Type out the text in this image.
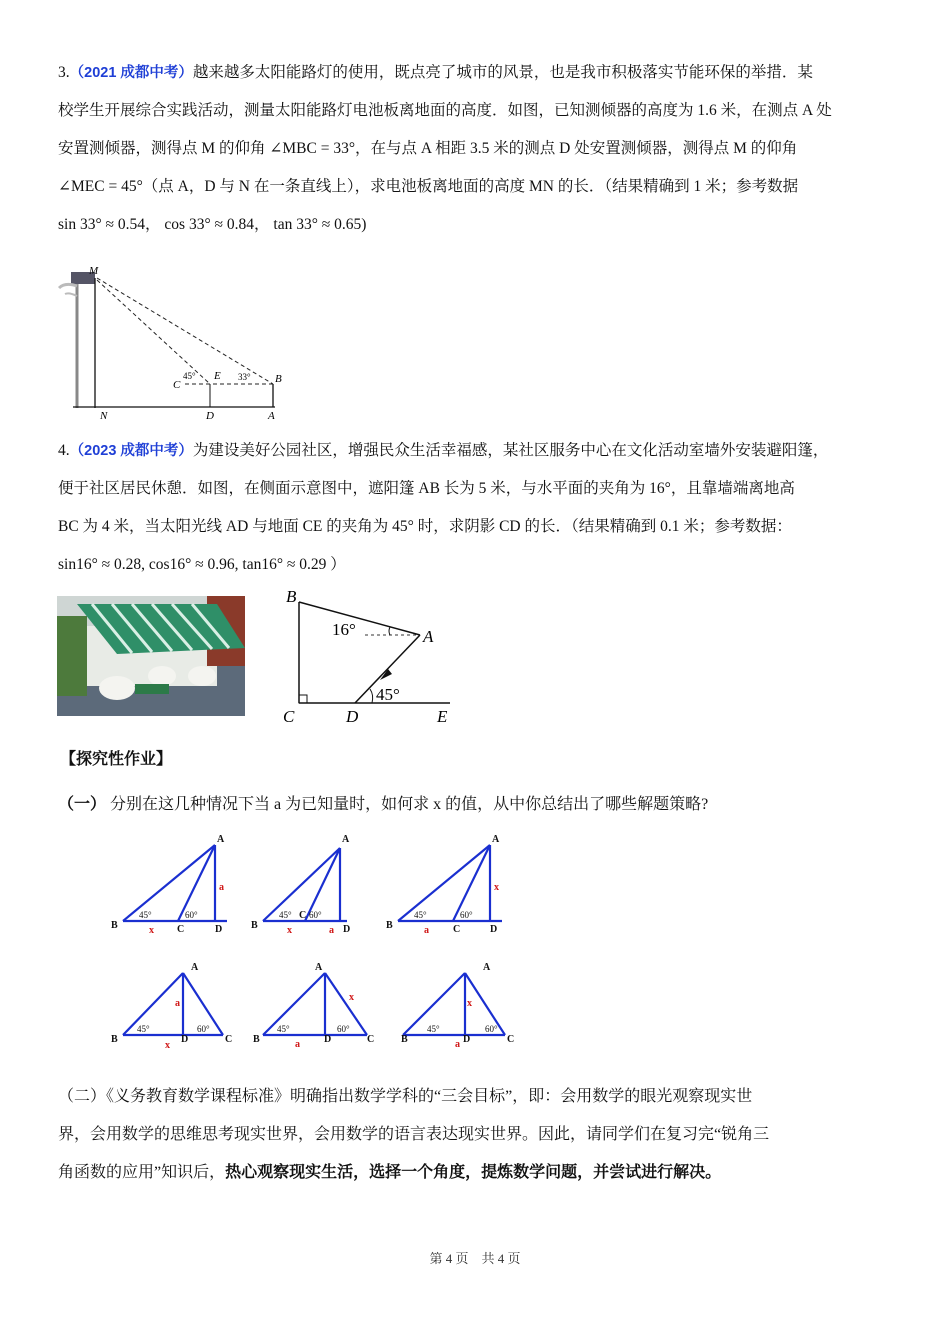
3.（2021 成都中考）越来越多太阳能路灯的使用，既点亮了城市的风景，也是我市积极落实节能环保的举措．某
校学生开展综合实践活动，测量太阳能路灯电池板离地面的高度．如图，已知测倾器的高度为 1.6 米，在测点 A 处
安置测倾器，测得点 M 的仰角 ∠MBC = 33°，在与点 A 相距 3.5 米的测点 D 处安置测倾器，测得点 M 的仰角
∠MEC = 45°（点 A，D 与 N 在一条直线上），求电池板离地面的高度 MN 的长．（结果精确到 1 米；参考数据
sin 33° ≈ 0.54， cos 33° ≈ 0.84， tan 33° ≈ 0.65)
M
C
45° E 33° B
N	D	A
4.（2023 成都中考）为建设美好公园社区，增强民众生活幸福感，某社区服务中心在文化活动室墙外安装避阳篷，
便于社区居民休憩．如图，在侧面示意图中，遮阳篷 AB 长为 5 米，与水平面的夹角为 16°，且靠墙端离地高
BC 为 4 米，当太阳光线 AD 与地面 CE 的夹角为 45° 时，求阴影 CD 的长．（结果精确到 0.1 米；参考数据：
sin16° ≈ 0.28, cos16° ≈ 0.96, tan16° ≈ 0.29 ）
B
16°	A
45°
C	D	E
【探究性作业】
（一） 分别在这几种情况下当 a 为已知量时，如何求 x 的值，从中你总结出了哪些解题策略?
A
B	C	D
45°	60°
a
x
A
B
C
D
45° 60°
x	a
A
B	C	D
45°	60°
x
a
A
B	C
D
45°	60°
a
x
A
B	C
D
45°	60°
x
a
A
B	C
D
45°	60°
x
a
（二）《义务教育数学课程标准》明确指出数学学科的“三会目标”，即：会用数学的眼光观察现实世
界，会用数学的思维思考现实世界，会用数学的语言表达现实世界。因此，请同学们在复习完“锐角三
角函数的应用”知识后，热心观察现实生活，选择一个角度，提炼数学问题，并尝试进行解决。
第 4 页　共 4 页
